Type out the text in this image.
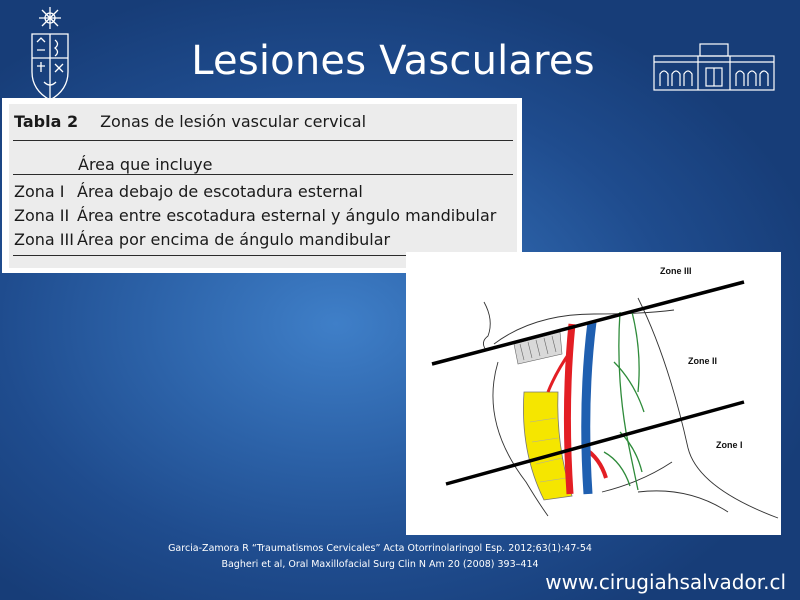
Lesiones Vasculares
Tabla 2 Zonas de lesión vascular cervical
Área que incluye
Zona I Área debajo de escotadura esternal
Zona II Área entre escotadura esternal y ángulo mandibular
Zona III Área por encima de ángulo mandibular
Zone III
Zone II
Zone I
Garcia-Zamora R “Traumatismos Cervicales” Acta Otorrinolaringol Esp. 2012;63(1):47-54
Bagheri et al, Oral Maxillofacial Surg Clin N Am 20 (2008) 393–414
www.cirugiahsalvador.cl
